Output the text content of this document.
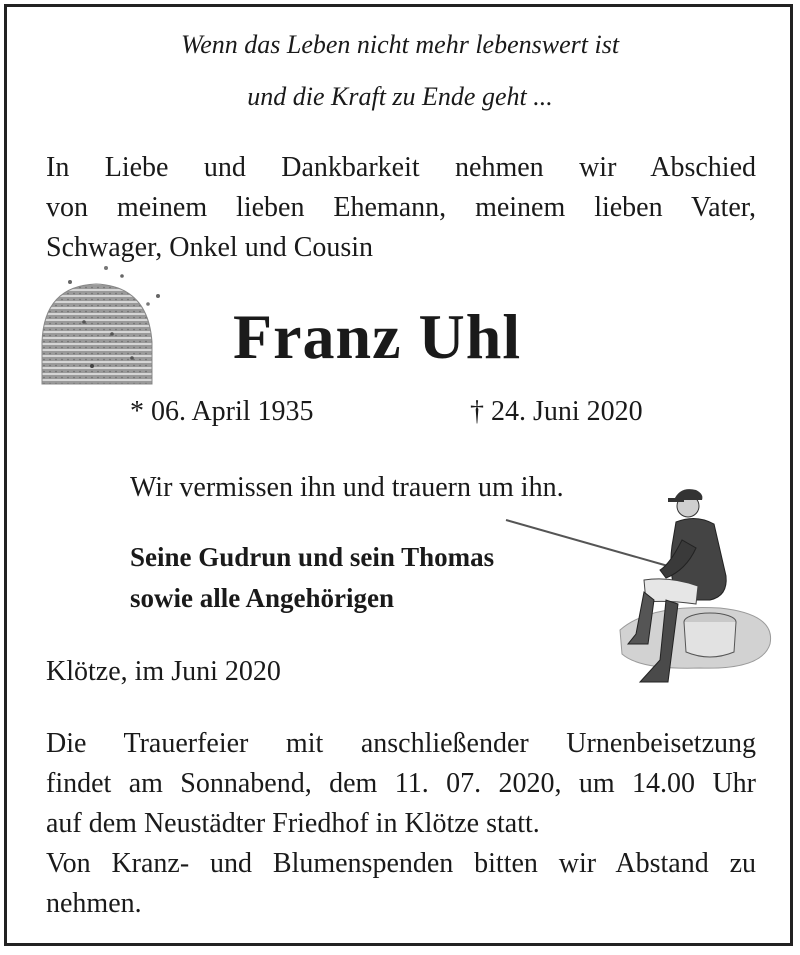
Wenn das Leben nicht mehr lebenswert ist
und die Kraft zu Ende geht ...
In Liebe und Dankbarkeit nehmen wir Abschied
von meinem lieben Ehemann, meinem lieben Vater,
Schwager, Onkel und Cousin
Franz Uhl
* 06. April 1935	† 24. Juni 2020
Wir vermissen ihn und trauern um ihn.
Seine Gudrun und sein Thomas
sowie alle Angehörigen
Klötze, im Juni 2020
Die Trauerfeier mit anschließender Urnenbeisetzung
findet am Sonnabend, dem 11. 07. 2020, um 14.00 Uhr
auf dem Neustädter Friedhof in Klötze statt.
Von Kranz- und Blumenspenden bitten wir Abstand zu
nehmen.
